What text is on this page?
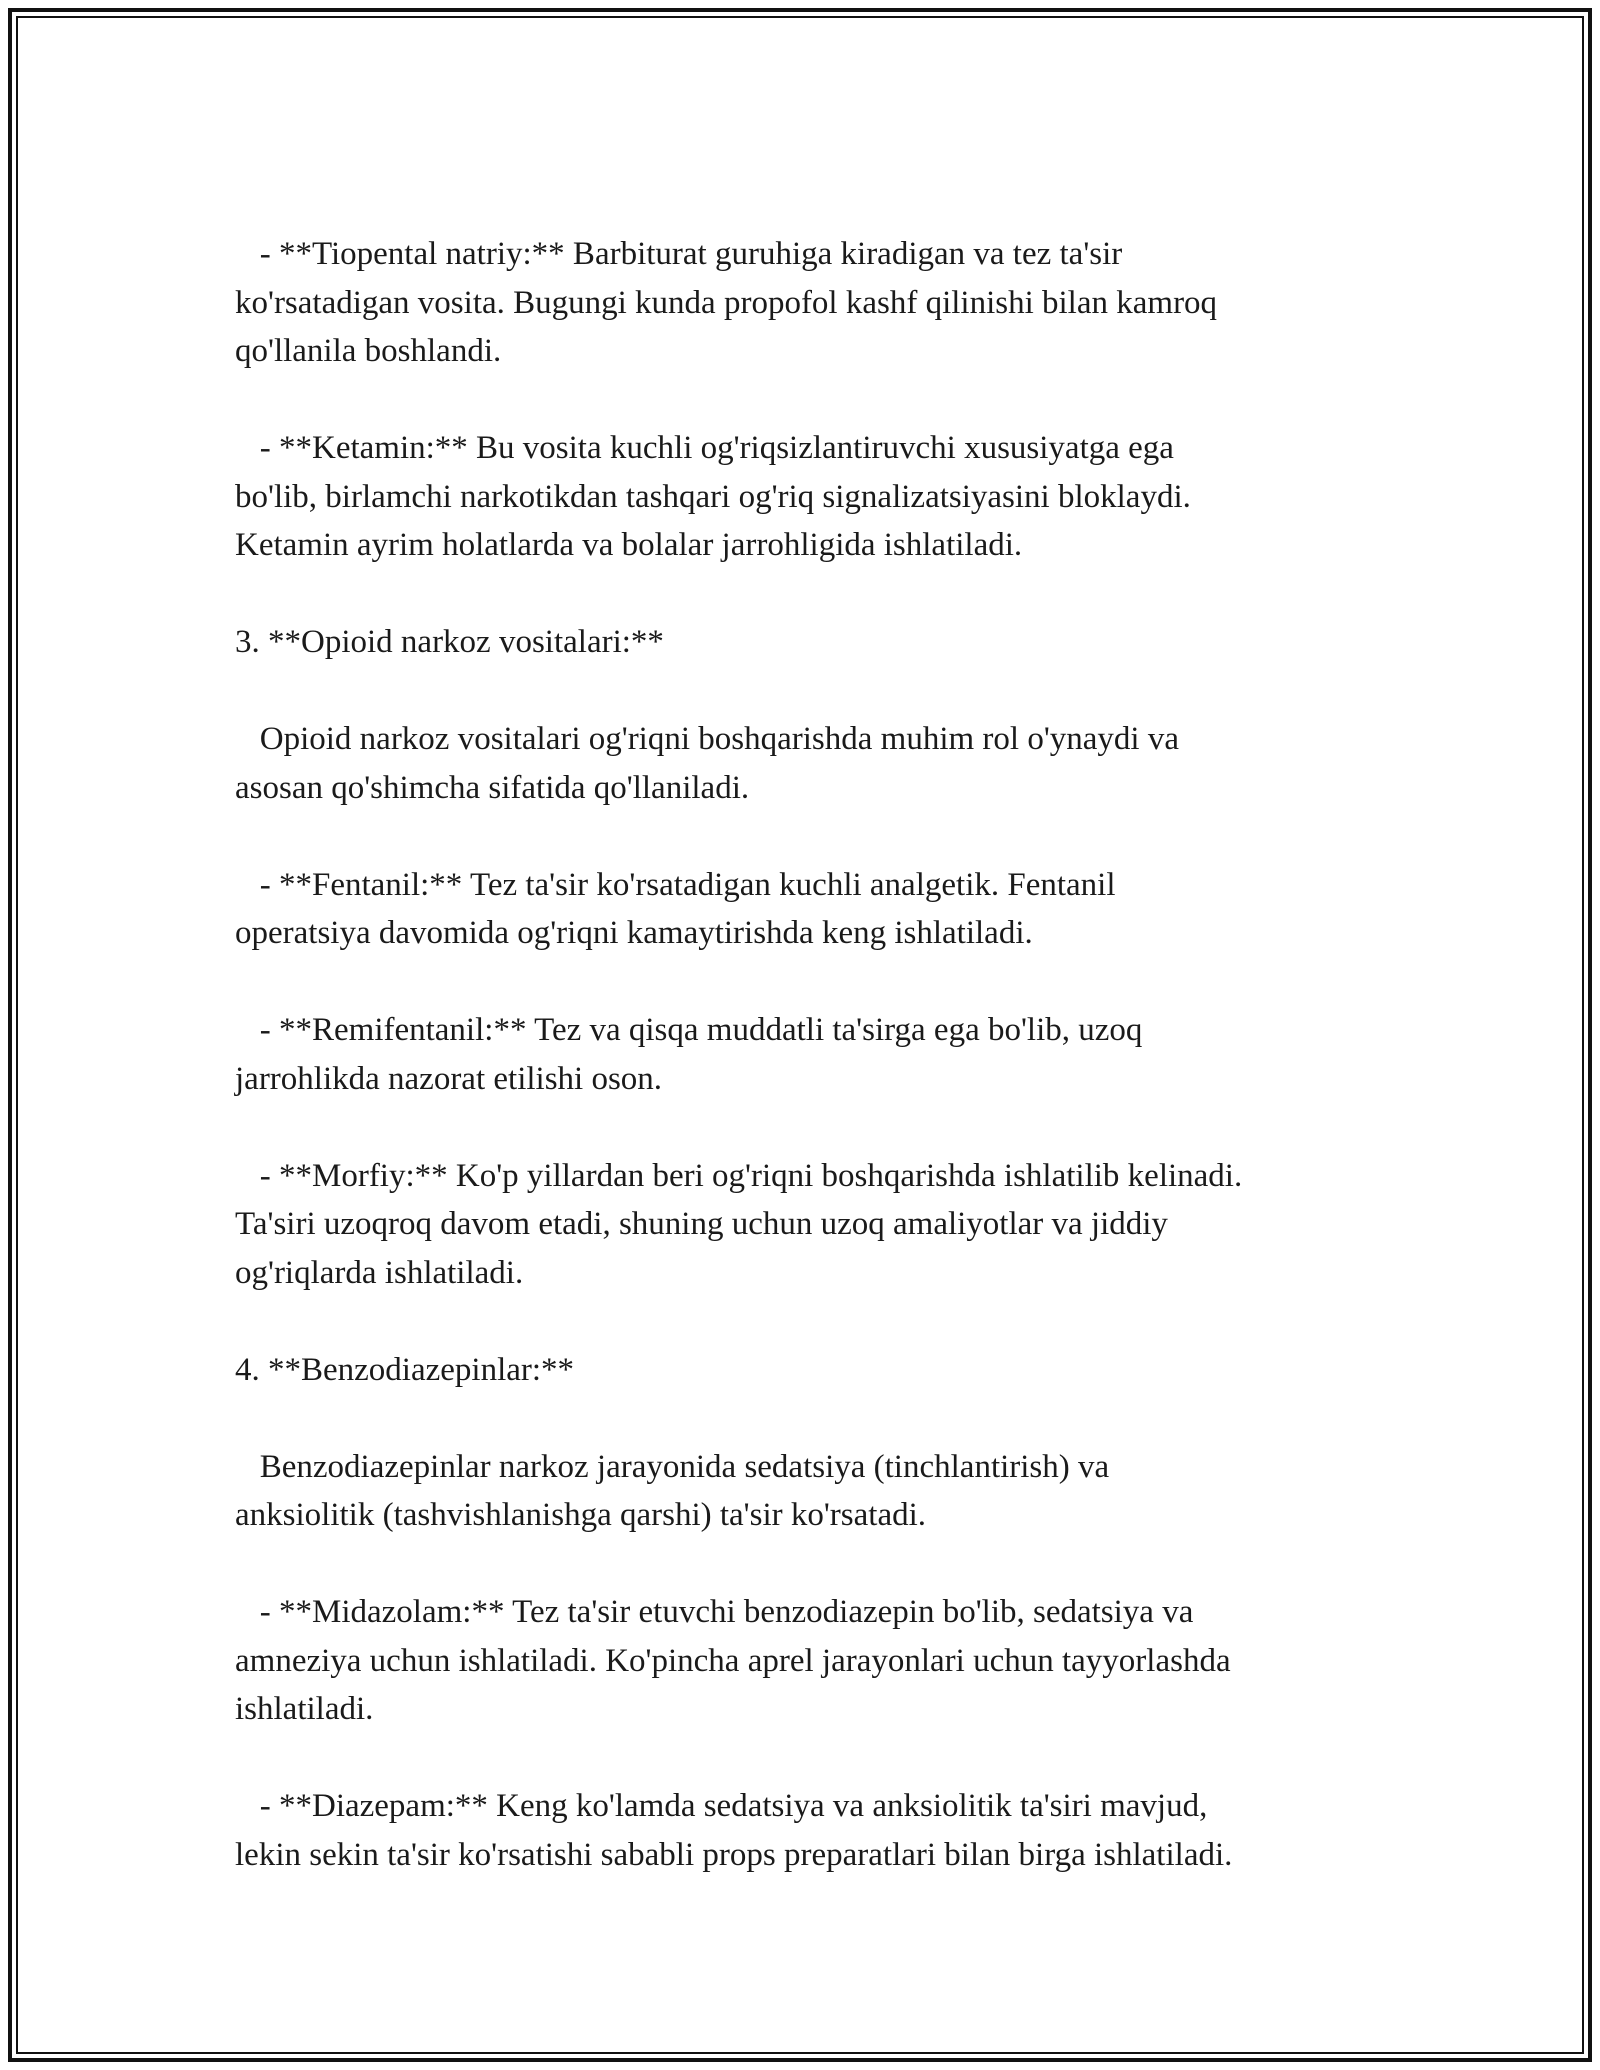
- **Tiopental natriy:** Barbiturat guruhiga kiradigan va tez ta'sir
ko'rsatadigan vosita. Bugungi kunda propofol kashf qilinishi bilan kamroq
qo'llanila boshlandi.

- **Ketamin:** Bu vosita kuchli og'riqsizlantiruvchi xususiyatga ega
bo'lib, birlamchi narkotikdan tashqari og'riq signalizatsiyasini bloklaydi.
Ketamin ayrim holatlarda va bolalar jarrohligida ishlatiladi.

3. **Opioid narkoz vositalari:**

Opioid narkoz vositalari og'riqni boshqarishda muhim rol o'ynaydi va
asosan qo'shimcha sifatida qo'llaniladi.

- **Fentanil:** Tez ta'sir ko'rsatadigan kuchli analgetik. Fentanil
operatsiya davomida og'riqni kamaytirishda keng ishlatiladi.

- **Remifentanil:** Tez va qisqa muddatli ta'sirga ega bo'lib, uzoq
jarrohlikda nazorat etilishi oson.

- **Morfiy:** Ko'p yillardan beri og'riqni boshqarishda ishlatilib kelinadi.
Ta'siri uzoqroq davom etadi, shuning uchun uzoq amaliyotlar va jiddiy
og'riqlarda ishlatiladi.

4. **Benzodiazepinlar:**

Benzodiazepinlar narkoz jarayonida sedatsiya (tinchlantirish) va
anksiolitik (tashvishlanishga qarshi) ta'sir ko'rsatadi.

- **Midazolam:** Tez ta'sir etuvchi benzodiazepin bo'lib, sedatsiya va
amneziya uchun ishlatiladi. Ko'pincha aprel jarayonlari uchun tayyorlashda
ishlatiladi.

- **Diazepam:** Keng ko'lamda sedatsiya va anksiolitik ta'siri mavjud,
lekin sekin ta'sir ko'rsatishi sababli props preparatlari bilan birga ishlatiladi.
